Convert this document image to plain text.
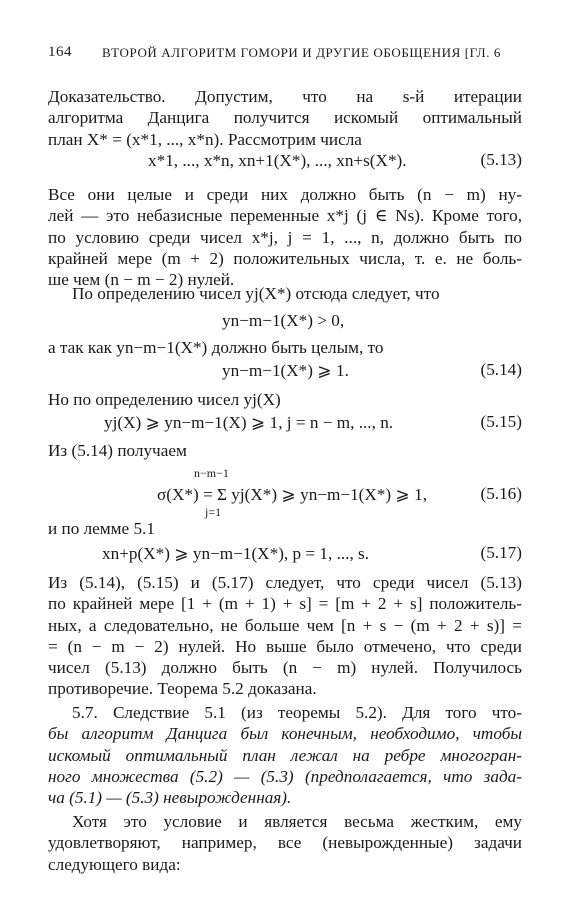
164 ВТОРОЙ АЛГОРИТМ ГОМОРИ И ДРУГИЕ ОБОБЩЕНИЯ [ГЛ. 6
Доказательство. Допустим, что на s-й итерации
алгоритма Данцига получится искомый оптимальный
план X* = (x*1, ..., x*n). Рассмотрим числа
x*1, ..., x*n, xn+1(X*), ..., xn+s(X*).	(5.13)
Все они целые и среди них должно быть (n − m) ну-
лей — это небазисные переменные x*j (j ∈ Ns). Кроме того,
по условию среди чисел x*j, j = 1, ..., n, должно быть по
крайней мере (m + 2) положительных числа, т. е. не боль-
ше чем (n − m − 2) нулей.
По определению чисел yj(X*) отсюда следует, что
yn−m−1(X*) > 0,
а так как yn−m−1(X*) должно быть целым, то
yn−m−1(X*) ⩾ 1.	(5.14)
Но по определению чисел yj(X)
yj(X) ⩾ yn−m−1(X) ⩾ 1, j = n − m, ..., n.	(5.15)
Из (5.14) получаем
n−m−1
j=1
σ(X*) = Σ yj(X*) ⩾ yn−m−1(X*) ⩾ 1,	(5.16)
и по лемме 5.1
xn+p(X*) ⩾ yn−m−1(X*), p = 1, ..., s.	(5.17)
Из (5.14), (5.15) и (5.17) следует, что среди чисел (5.13)
по крайней мере [1 + (m + 1) + s] = [m + 2 + s] положитель-
ных, а следовательно, не больше чем [n + s − (m + 2 + s)] =
= (n − m − 2) нулей. Но выше было отмечено, что среди
чисел (5.13) должно быть (n − m) нулей. Получилось
противоречие. Теорема 5.2 доказана.
5.7. Следствие 5.1 (из теоремы 5.2). Для того что-
бы алгоритм Данцига был конечным, необходимо, чтобы
искомый оптимальный план лежал на ребре многогран-
ного множества (5.2) — (5.3) (предполагается, что зада-
ча (5.1) — (5.3) невырожденная).
Хотя это условие и является весьма жестким, ему
удовлетворяют, например, все (невырожденные) задачи
следующего вида:
